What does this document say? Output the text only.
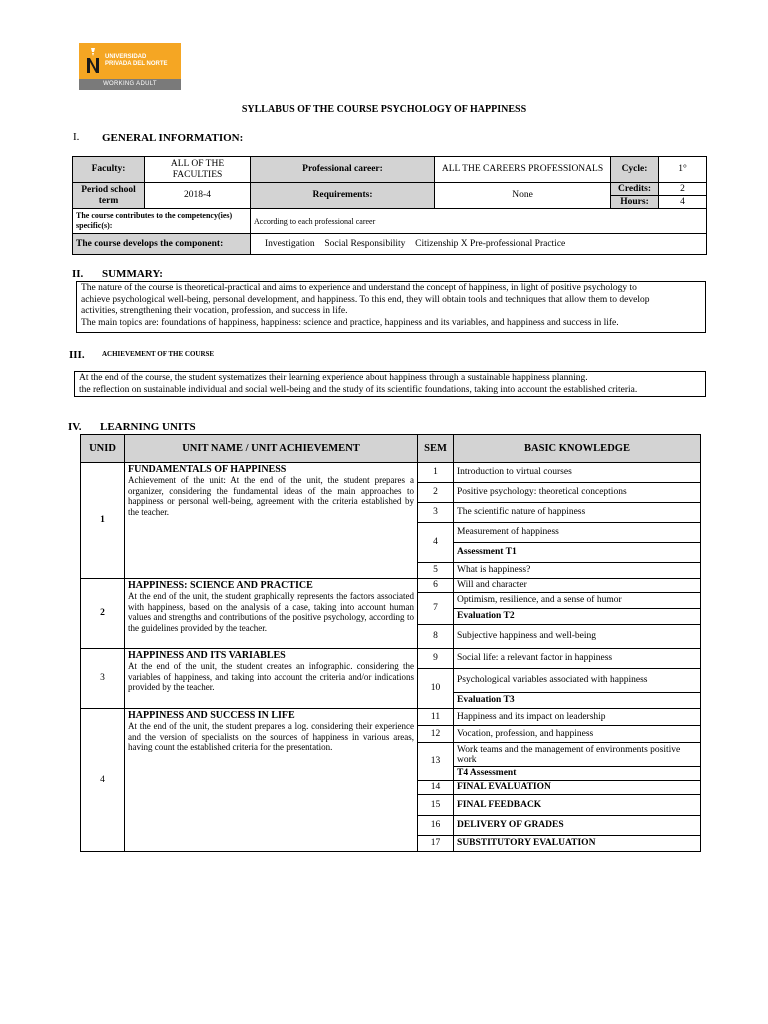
UNIVERSIDAD
PRIVADA DEL NORTE
WORKING ADULT
SYLLABUS OF THE COURSE PSYCHOLOGY OF HAPPINESS
I. GENERAL INFORMATION:
Faculty:	ALL OF THE FACULTIES	Professional career:	ALL THE CAREERS PROFESSIONALS	Cycle:	1°
Period school term	2018-4	Requirements:	None	Credits:	2
				Hours:	4
The course contributes to the competency(ies) specific(s):		According to each professional career			
The course develops the component:		Investigation  Social Responsibility  Citizenship X Pre-professional Practice 			
II. SUMMARY:
The nature of the course is theoretical-practical and aims to experience and understand the concept of happiness, in light of positive psychology to
achieve psychological well-being, personal development, and happiness. To this end, they will obtain tools and techniques that allow them to develop
activities, strengthening their vocation, profession, and success in life.
The main topics are: foundations of happiness, happiness: science and practice, happiness and its variables, and happiness and success in life.
III. ACHIEVEMENT OF THE COURSE
At the end of the course, the student systematizes their learning experience about happiness through a sustainable happiness planning.
the reflection on sustainable individual and social well-being and the study of its scientific foundations, taking into account the established criteria.
IV. LEARNING UNITS
UNID	UNIT NAME / UNIT ACHIEVEMENT	SEM	BASIC KNOWLEDGE
1	FUNDAMENTALS OF HAPPINESS
Achievement of the unit: At the end of the unit, the student prepares a organizer, considering the fundamental ideas of the main approaches to happiness or personal well-being, agreement with the criteria established by the teacher.	1	Introduction to virtual courses
		2	Positive psychology: theoretical conceptions
		3	The scientific nature of happiness
		4	Measurement of happiness
			Assessment T1
		5	What is happiness?
2	HAPPINESS: SCIENCE AND PRACTICE
At the end of the unit, the student graphically represents the factors associated with happiness, based on the analysis of a case, taking into account human values and strengths and contributions of the positive psychology, according to the guidelines provided by the teacher.	6	Will and character
		7	Optimism, resilience, and a sense of humor
			Evaluation T2
		8	Subjective happiness and well-being
3	HAPPINESS AND ITS VARIABLES
At the end of the unit, the student creates an infographic. considering the variables of happiness, and taking into account the criteria and/or indications provided by the teacher.	9	Social life: a relevant factor in happiness
		10	Psychological variables associated with happiness
			Evaluation T3
4	HAPPINESS AND SUCCESS IN LIFE
At the end of the unit, the student prepares a log. considering their experience and the version of specialists on the sources of happiness in various areas, having count the established criteria for the presentation.	11	Happiness and its impact on leadership
		12	Vocation, profession, and happiness
		13	Work teams and the management of environments positive work
			T4 Assessment
		14	FINAL EVALUATION
		15	FINAL FEEDBACK
		16	DELIVERY OF GRADES
		17	SUBSTITUTORY EVALUATION
